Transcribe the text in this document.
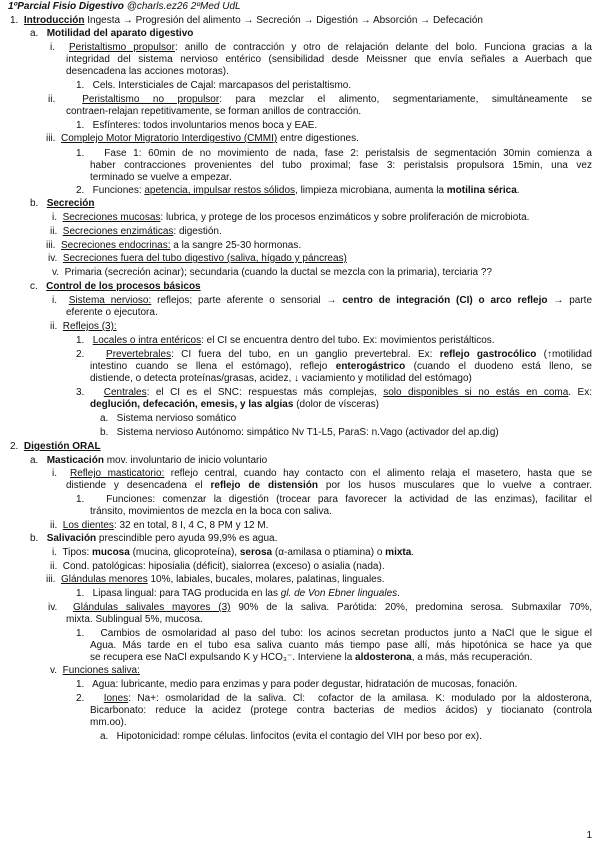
1ºParcial Fisio Digestivo @charls.ez26 2ºMed UdL
1.  Introducción Ingesta → Progresión del alimento → Secreción → Digestión → Absorción → Defecación
a.   Motilidad del aparato digestivo
i.  Peristaltismo propulsor: anillo de contracción y otro de relajación delante del bolo. Funciona gracias a la
integridad del sistema nervioso entérico (sensibilidad desde Meissner que envía señales a Auerbach que
desencadena las acciones motoras).
1.   Cels. Intersticiales de Cajal: marcapasos del peristaltismo.
ii.  Peristaltismo no propulsor: para mezclar el alimento, segmentariamente, simultáneamente se
contraen-relajan repetitivamente, se forman anillos de contracción.
1.   Esfínteres: todos involuntarios menos boca y EAE.
iii.  Complejo Motor Migratorio Interdigestivo (CMMI) entre digestiones.
1.   Fase 1: 60min de no movimiento de nada, fase 2: peristalsis de segmentación 30min comienza a
haber contracciones provenientes del tubo proximal; fase 3: peristalsis propulsora 15min, una vez
terminado se vuelve a empezar.
2.   Funciones: apetencia, impulsar restos sólidos, limpieza microbiana, aumenta la motilina sérica.
b.   Secreción
i.  Secreciones mucosas: lubrica, y protege de los procesos enzimáticos y sobre proliferación de microbiota.
ii.  Secreciones enzimáticas: digestión.
iii.  Secreciones endocrinas: a la sangre 25-30 hormonas.
iv.  Secreciones fuera del tubo digestivo (saliva, hígado y páncreas)
v.  Primaria (secreción acinar); secundaria (cuando la ductal se mezcla con la primaria), terciaria ??
c.   Control de los procesos básicos
i.  Sistema nervioso: reflejos; parte aferente o sensorial → centro de integración (CI) o arco reflejo → parte
eferente o ejecutora.
ii.  Reflejos (3):
1.   Locales o intra entéricos: el CI se encuentra dentro del tubo. Ex: movimientos peristálticos.
2.   Prevertebrales: CI fuera del tubo, en un ganglio prevertebral. Ex: reflejo gastrocólico (↑motilidad
intestino cuando se llena el estómago), reflejo enterogástrico (cuando el duodeno está lleno, se
distiende, o detecta proteínas/grasas, acidez, ↓ vaciamiento y motilidad del estómago)
3.   Centrales: el CI es el SNC: respuestas más complejas, solo disponibles si no estás en coma. Ex:
deglución, defecación, emesis, y las algias (dolor de vísceras)
a.   Sistema nervioso somático
b.   Sistema nervioso Autónomo: simpático Nv T1-L5, ParaS: n.Vago (activador del ap.dig)
2.  Digestión ORAL
a.   Masticación mov. involuntario de inicio voluntario
i.  Reflejo masticatorio: reflejo central, cuando hay contacto con el alimento relaja el masetero, hasta que se
distiende y desencadena el reflejo de distensión por los husos musculares que lo vuelve a contraer.
1.   Funciones: comenzar la digestión (trocear para favorecer la actividad de las enzimas), facilitar el
tránsito, movimientos de mezcla en la boca con saliva.
ii.  Los dientes: 32 en total, 8 I, 4 C, 8 PM y 12 M.
b.   Salivación prescindible pero ayuda 99,9% es agua.
i.  Tipos: mucosa (mucina, glicoproteína), serosa (α-amilasa o ptiamina) o mixta.
ii.  Cond. patológicas: hiposialia (déficit), sialorrea (exceso) o asialia (nada).
iii.  Glándulas menores 10%, labiales, bucales, molares, palatinas, linguales.
1.   Lipasa lingual: para TAG producida en las gl. de Von Ebner linguales.
iv.  Glándulas salivales mayores (3) 90% de la saliva. Parótida: 20%, predomina serosa. Submaxilar 70%,
mixta. Sublingual 5%, mucosa.
1.   Cambios de osmolaridad al paso del tubo: los acinos secretan productos junto a NaCl que le sigue el
Agua. Más tarde en el tubo esa saliva cuanto más tiempo pase allí, más hipotónica se hace ya que
se recupera ese NaCl expulsando K y HCO₃⁻. Interviene la aldosterona, a más, más recuperación.
v.  Funciones saliva:
1.   Agua: lubricante, medio para enzimas y para poder degustar, hidratación de mucosas, fonación.
2.   Iones: Na+: osmolaridad de la saliva. Cl:  cofactor de la amilasa. K: modulado por la aldosterona,
Bicarbonato: reduce la acidez (protege contra bacterias de medios ácidos) y tiocianato (controla
mm.oo).
a.   Hipotonicidad: rompe células. linfocitos (evita el contagio del VIH por beso por ex).
1
